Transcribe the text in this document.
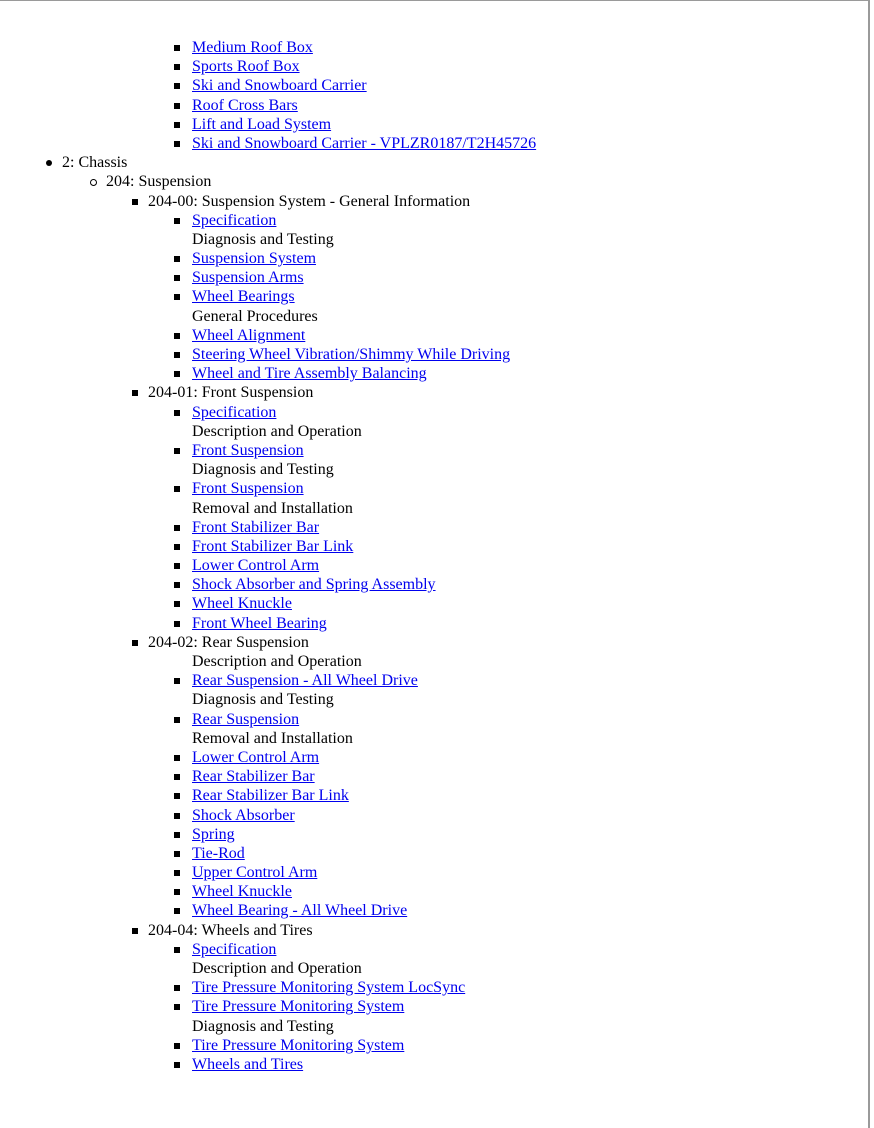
Medium Roof Box
Sports Roof Box
Ski and Snowboard Carrier
Roof Cross Bars
Lift and Load System
Ski and Snowboard Carrier - VPLZR0187/T2H45726
2: Chassis
204: Suspension
204-00: Suspension System - General Information
Specification
Diagnosis and Testing
Suspension System
Suspension Arms
Wheel Bearings
General Procedures
Wheel Alignment
Steering Wheel Vibration/Shimmy While Driving
Wheel and Tire Assembly Balancing
204-01: Front Suspension
Specification
Description and Operation
Front Suspension
Diagnosis and Testing
Front Suspension
Removal and Installation
Front Stabilizer Bar
Front Stabilizer Bar Link
Lower Control Arm
Shock Absorber and Spring Assembly
Wheel Knuckle
Front Wheel Bearing
204-02: Rear Suspension
Description and Operation
Rear Suspension - All Wheel Drive
Diagnosis and Testing
Rear Suspension
Removal and Installation
Lower Control Arm
Rear Stabilizer Bar
Rear Stabilizer Bar Link
Shock Absorber
Spring
Tie-Rod
Upper Control Arm
Wheel Knuckle
Wheel Bearing - All Wheel Drive
204-04: Wheels and Tires
Specification
Description and Operation
Tire Pressure Monitoring System LocSync
Tire Pressure Monitoring System
Diagnosis and Testing
Tire Pressure Monitoring System
Wheels and Tires
